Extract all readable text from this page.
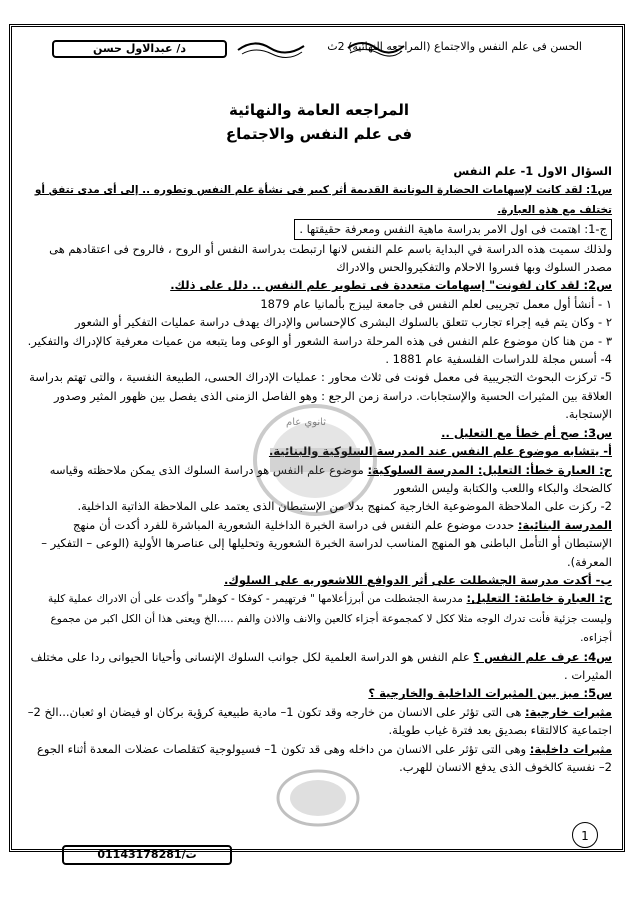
د/ عبدالاول حسن	الحسن فى علم النفس والاجتماع (المراجعه النهائية) 2ث
المراجعه العامة والنهائية
فى علم النفس والاجتماع

السؤال الاول 1- علم النفس

س1: لقد كانت لإسهامات الحضارة اليونانية القديمة أثر كبير فى نشأة علم النفس وتطوره .. إلى أى مدى تتفق أو تختلف مع هذه العبارة.

ج-1: اهتمت فى اول الامر بدراسة ماهية النفس ومعرفة حقيقتها .

ولذلك سميت هذه الدراسة في البداية باسم علم النفس لانها ارتبطت بدراسة النفس أو الروح ، فالروح فى اعتقادهم هى مصدر السلوك وبها فسروا الاحلام والتفكيروالحس والادراك

س2: لقد كان لفونت" إسهامات متعددة فى تطوير علم النفس .. دلل على ذلك.

١ - أنشأ أول معمل تجريبى لعلم النفس فى جامعة ليبزج بألمانيا عام 1879

٢ - وكان يتم فيه إجراء تجارب تتعلق بالسلوك البشرى كالإحساس والإدراك يهدف دراسة عمليات التفكير أو الشعور

٣ - من هنا كان موضوع علم النفس فى هذه المرحلة دراسة الشعور أو الوعى وما يتبعه من عميات معرفية كالإدراك والتفكير.

4- أسس مجلة للدراسات الفلسفية عام 1881 .

5- تركزت البحوث التجريبية فى معمل فونت فى ثلاث محاور : عمليات الإدراك الحسى، الطبيعة النفسية ، والتى تهتم بدراسة العلاقة بين المثيرات الحسية والإستجابات. دراسة زمن الرجع : وهو الفاصل الزمنى الذى يفصل بين ظهور المثير وصدور الإستجابة.

س3: صح أم خطأ مع التعليل ..

أ- يتشابه موضوع علم النفس عند المدرسة السلوكية والبنائية.

ج: العبارة خطأ: التعليل: المدرسة السلوكية: موضوع علم النفس هو دراسة السلوك الذى يمكن ملاحظته وقياسه كالضحك والبكاء واللعب والكتابة وليس الشعور

2- ركزت على الملاحظة الموضوعية الخارجية كمنهج بدلا من الإستبطان الذى يعتمد على الملاحظة الذاتية الداخلية.

المدرسة البنائية: حددت موضوع علم النفس فى دراسة الخبرة الداخلية الشعورية المباشرة للفرد أكدت أن منهج الإستبطان أو التأمل الباطنى هو المنهج المناسب لدراسة الخبرة الشعورية وتحليلها إلى عناصرها الأولية (الوعى – التفكير – المعرفة).

ب- أكدت مدرسة الجشطلت على أثر الدوافع اللاشعوريه على السلوك.

ج: العبارة خاطئة: التعليل: مدرسة الجشطلت من أبرزأعلامها " فرتهيمر - كوفكا - كوهلر" وأكدت على أن الادراك عملية كلية وليست جزئية فأنت تدرك الوجه مثلا ككل لا كمجموعة أجزاء كالعين والانف والاذن والفم .....الخ ويعنى هذا أن الكل اكبر من مجموع أجزاءه.

س4: عرف علم النفس ؟ علم النفس هو الدراسة العلمية لكل جوانب السلوك الإنسانى وأحيانا الحيوانى ردا على مختلف المثيرات .

س5: ميز بين المثيرات الداخلية والخارجية ؟

مثيرات خارجية: هى التى تؤثر على الانسان من خارجه وقد تكون 1– مادية طبيعية كرؤية بركان او فيضان او ثعبان...الخ 2– اجتماعية كالالتقاء بصديق بعد فترة غياب طويلة.

مثيرات داخلية: وهى التى تؤثر على الانسان من داخله وهى قد تكون 1– فسيولوجية كتقلصات عضلات المعدة أثناء الجوع 2– نفسية كالخوف الذى يدفع الانسان للهرب.

ثانوي عام
1
ت/01143178281
